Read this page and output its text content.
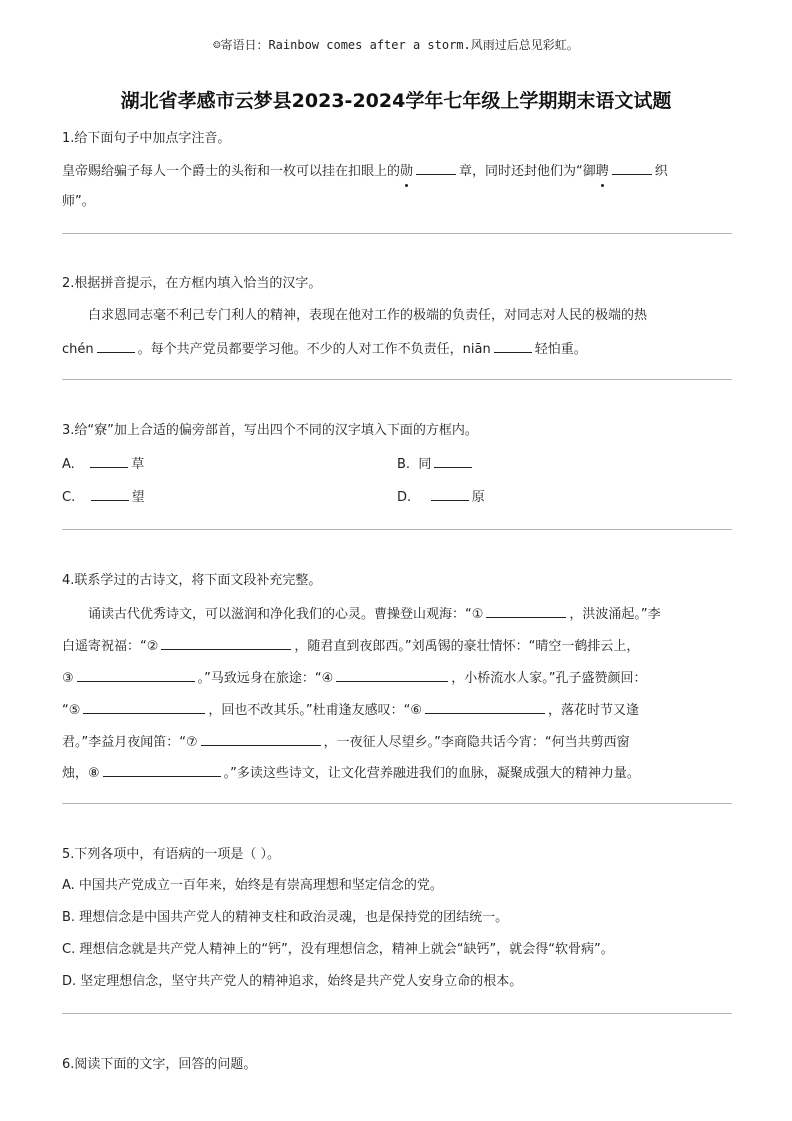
☺寄语日：Rainbow comes after a storm.风雨过后总见彩虹。
湖北省孝感市云梦县2023-2024学年七年级上学期期末语文试题
1.给下面句子中加点字注音。
皇帝赐给骗子每人一个爵士的头衔和一枚可以挂在扣眼上的勋	章，同时还封他们为“御聘	织
师”。
2.根据拼音提示，在方框内填入恰当的汉字。
白求恩同志毫不利己专门利人的精神，表现在他对工作的极端的负责任，对同志对人民的极端的热
chén	。每个共产党员都要学习他。不少的人对工作不负责任，niān	轻怕重。
3.给“寮”加上合适的偏旁部首，写出四个不同的汉字填入下面的方框内。
A.	草	B. 同
C.	望	D.	原
4.联系学过的古诗文，将下面文段补充完整。
诵读古代优秀诗文，可以滋润和净化我们的心灵。曹操登山观海：“①	，洪波涌起。”李
白遥寄祝福：“②	，随君直到夜郎西。”刘禹锡的豪壮情怀：“晴空一鹤排云上，
③	。”马致远身在旅途：“④	，小桥流水人家。”孔子盛赞颜回：
“⑤	，回也不改其乐。”杜甫逢友感叹：“⑥	，落花时节又逢
君。”李益月夜闻笛：“⑦	，一夜征人尽望乡。”李商隐共话今宵：“何当共剪西窗
烛，⑧	。”多读这些诗文，让文化营养融进我们的血脉，凝聚成强大的精神力量。
5.下列各项中，有语病的一项是（ ）。
A. 中国共产党成立一百年来，始终是有崇高理想和坚定信念的党。
B. 理想信念是中国共产党人的精神支柱和政治灵魂，也是保持党的团结统一。
C. 理想信念就是共产党人精神上的“钙”，没有理想信念，精神上就会“缺钙”，就会得“软骨病”。
D. 坚定理想信念，坚守共产党人的精神追求，始终是共产党人安身立命的根本。
6.阅读下面的文字，回答的问题。
